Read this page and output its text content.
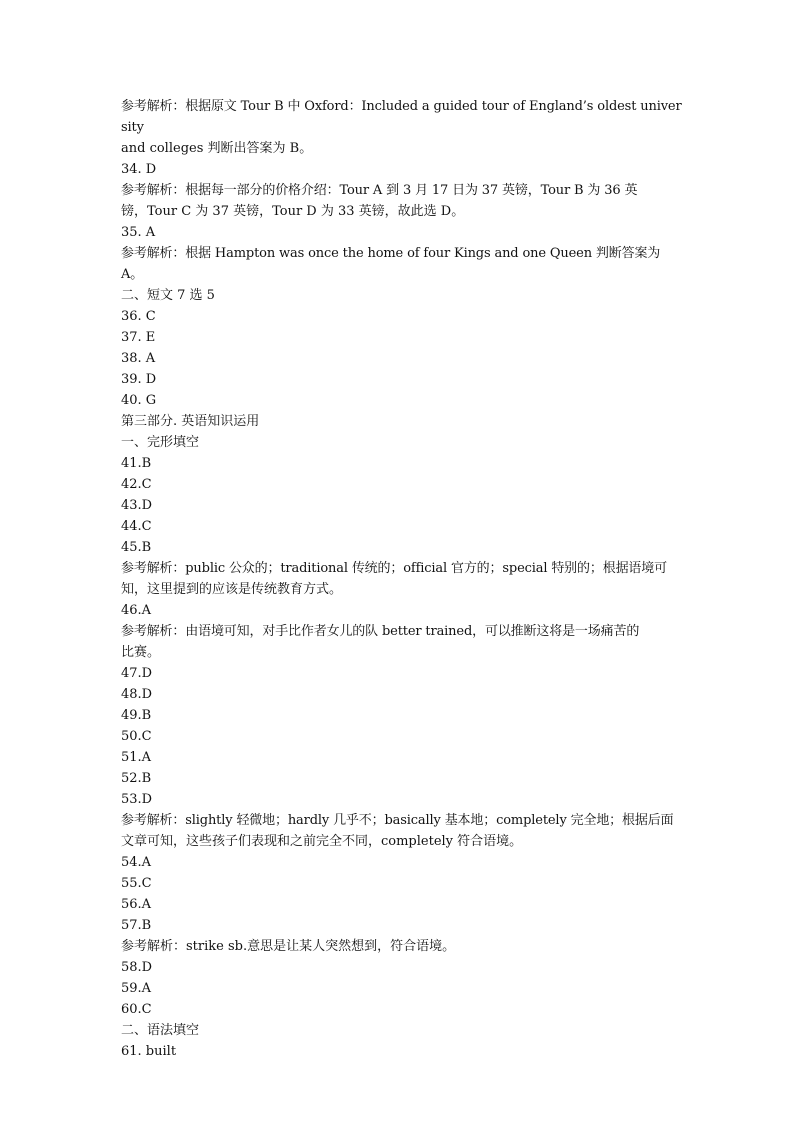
参考解析：根据原文 Tour B 中 Oxford：Included a guided tour of England’s oldest university

and colleges 判断出答案为 B。

34. D

参考解析：根据每一部分的价格介绍：Tour A 到 3 月 17 日为 37 英镑，Tour B 为 36 英

镑，Tour C 为 37 英镑，Tour D 为 33 英镑，故此选 D。

35. A

参考解析：根据 Hampton was once the home of four Kings and one Queen 判断答案为 A。

二、短文 7 选 5

36. C

37. E

38. A

39. D

40. G

第三部分. 英语知识运用

一、完形填空

41.B

42.C

43.D

44.C

45.B

参考解析：public 公众的；traditional 传统的；official 官方的；special 特别的；根据语境可

知，这里提到的应该是传统教育方式。

46.A

参考解析：由语境可知，对手比作者女儿的队 better trained，可以推断这将是一场痛苦的

比赛。

47.D

48.D

49.B

50.C

51.A

52.B

53.D

参考解析：slightly 轻微地；hardly 几乎不；basically 基本地；completely 完全地；根据后面

文章可知，这些孩子们表现和之前完全不同，completely 符合语境。

54.A

55.C

56.A

57.B

参考解析：strike sb.意思是让某人突然想到，符合语境。

58.D

59.A

60.C

二、语法填空

61. built
